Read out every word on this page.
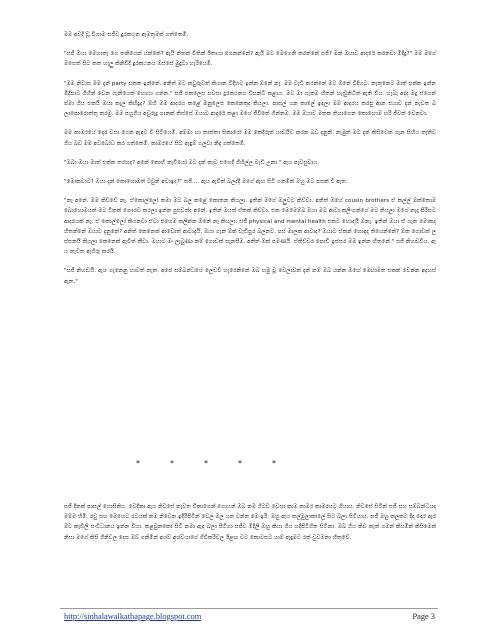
මම අවදි වූ විගාම සජීව දුරකථන ඇමතුමක් ගත්තෙමි.

"සජී ඔයා මෙහාතැ ගෙ තනියෙන් යන්නේ? ඇයි නිතන් විතින් ඊතායා ගෙනන්නේ? ඇයි මට මෙගෙනි කරන්නේ සජී? මන් ඔයාව ආදරේ කරනවා මිදිදු?" මම මගේ ඔසෙත් සිට කත හැලු කිනිවිදී දුරකථනය ඕස්සේ මුදුවා හැරියෙමි.

"මම නිවාස මම දැන් party එකක ඉන්නේ. අනිත් මට කවුරුවත් කියාන විදිහට ඉන්න ඕනේ නෑ. මම වැඩි කරන්නේ මට ඕනේ විදිහට. නැතුනෙට මාත් එක්ක ඉන්න මිදිපාට ගිහින් වෙන ගැනියෙක් හොයා ගන්න." සජී එකලෙස පවසා දුරකථනය විසන්ධි කළාය. මට මා ගැනම හිතන් හැඬුනිධිත් ඇති විය. හැබැ අද්ද මදු ස්ගෙන් ස්මා ගිය එකයි ඔයා කැල කිහිදුද? ඕහි මම ආදරය කළේ මනුලෙස කෙනෙකුද කියලා. පාසල් යන කාලේ ඉඳලා මම ආදරය කරපු ආන එයාව දැන් නැවත බලාපොරොත්තු කරමු. මම පහුගිය අවුරුදු ගානක් තිස්සේ ඔයාට ආදරේ කළා මගේ ජීවිතේ ගින්නම. මම ඔයාව මතක තියාගෙන කොහොම හරි ජීවත් වෙනවා.

මම කාමරයේ දොර වසා ගෙන ඇඳට වී සිටියෙමි. අම්මා හා තාත්තා සිකාරෝ මම කෙදිරුත් යාඩයිව කරන බව දැනුනි. නැමුත් මට දැන් කිසිවෙක් ගැන සිහිය නැතිව ගිය බව මම අවබෝධ කර ගත්තෙමි. කාමරයේ සිට ඇඳුම් ගලවා නිදා ගත්තෙමි.

"ඔබා ඔයා මාත් එක්ක තරහද? අනේ කොහි නැවියෝ මට දැන් කාට එහෙදී ගිහිල්ල වැඩි උනා." ඇය පැවසුවාය.

"මොකවාට? ඔයා දැන් කොහොමත් ටවුන් අවාඉද?" සජී.... ඇය ඇවිත් බලද්දී මගේ ඇඟ සිටි ගනමින් ඔහු මට පසක් වී ඇත.

"නෑ අනේ. මම කිව්වේ නෑ. ඒකොල්ලෝ තමා මට බල කළේ කොතන කියලා. ඉතින් මගේ ඔලුවට කිව්වා. අනිත් ඔහේ cousin brothers ඒ කල්ල් ඕක්කොම බොහොමයක් මට ටිකක් ගෞරව කරලා ඉන්න පුළුවන්ද අනේ. ඉතින් ඔයත් ඒකක් කිව්වා. එක මෙමෙම්බ ඔයා මට ආවා කලිංගන්ගේ මට කියලා මගේ නැදෑ පිරිසට ආදරයක් නෑ. ඒ කොල්ලෝ කියනවා ඒවා එහෙම කලින්න ඕනේ නෑ කියලා. සජී physical and mental health එකට හොඳයි ඕනෑ. ඉතින් ඔයා ඒ ගැන මොකද හිතන්නේ ඔයාට දැනුනේ? අනිත් කෙනෙක් ආවොත් ආවාදැයි. ඔයා ගැන ඕක් වැඩිපුර බලනව. පස් මාලක ආවාද? ඔයාට ඒකන් හොඳද තියෙන්නේ? ඕක ගොඩක් ලස්සනයි කියලා කෙනෙක් ඇවිත් කීවා. ඔයාට මං ලැබුණා නම් ගොඩක් සැනසීම. අනිත් ඕක් පමණයි. ඒකිච්චර පොඩි ඉස්සර මම ඉන්න හිතුනේ." සජී නිහඬවිය. ඇය නැවත ඇගිරු කරයි.

"සජී නිහඬයි. ඇය ගැනෙනු හාවත් නැත. අපේ සම්බන්ධයේ ලෙඩවී හැරෙනිනේ ඔබ හමු වූ වෙලාවක් දැන් නම් ඔබ යන්න ඔහේ මෙහාමත එකක් වෙන්න අදහස් ඇත."

*	*	*	*	*

සජී දිනක් පාසල් ගොසිනිය. වෙදිනා ඇය නිවසේ නැවත චිකාගෙන් ගොයන් ඔබ නම ගිටව වෙසා කාම කාමර කාමරයට ගියාය. නිවසේ සිටින් සජී සහ සම්බන්ධයද මම්ම හිමි. රවු සහ මෙහෙට රටයක් නම නිවෙන ඉදිරිපිටින් වෙල මල යන වන්න මෙ ඉරි. ඔහු ඇය කල්මුලාකාලේ සිට බලා සිටියාය. සජී ඔහු කලකට දිදා දොර ඇර මට කැඩිලි සංවිධානය ඉන්න වියා. කළවුනකෝ සිටී නමා ඇඳ බලා සීටිගා සජීව මිදිලි ඔහු කියා ගිය හදීපිටිගිත සිටිනා. ඔබ ගිය කිව කැත් ගමන් කියමින් කිසිමෙක් නිසා මගේ කිසි ගිනිවල දෙස ඔබ් ගනිමින් අශ්ව අශ්වයාගේ ගිවිකරිවල ඊළඟ වට කොටසට යාම් ඇදුමට රක් වුවමනා හිතුවේ.

http://sinhalawalkathapage.blogspot.com	Page 3
